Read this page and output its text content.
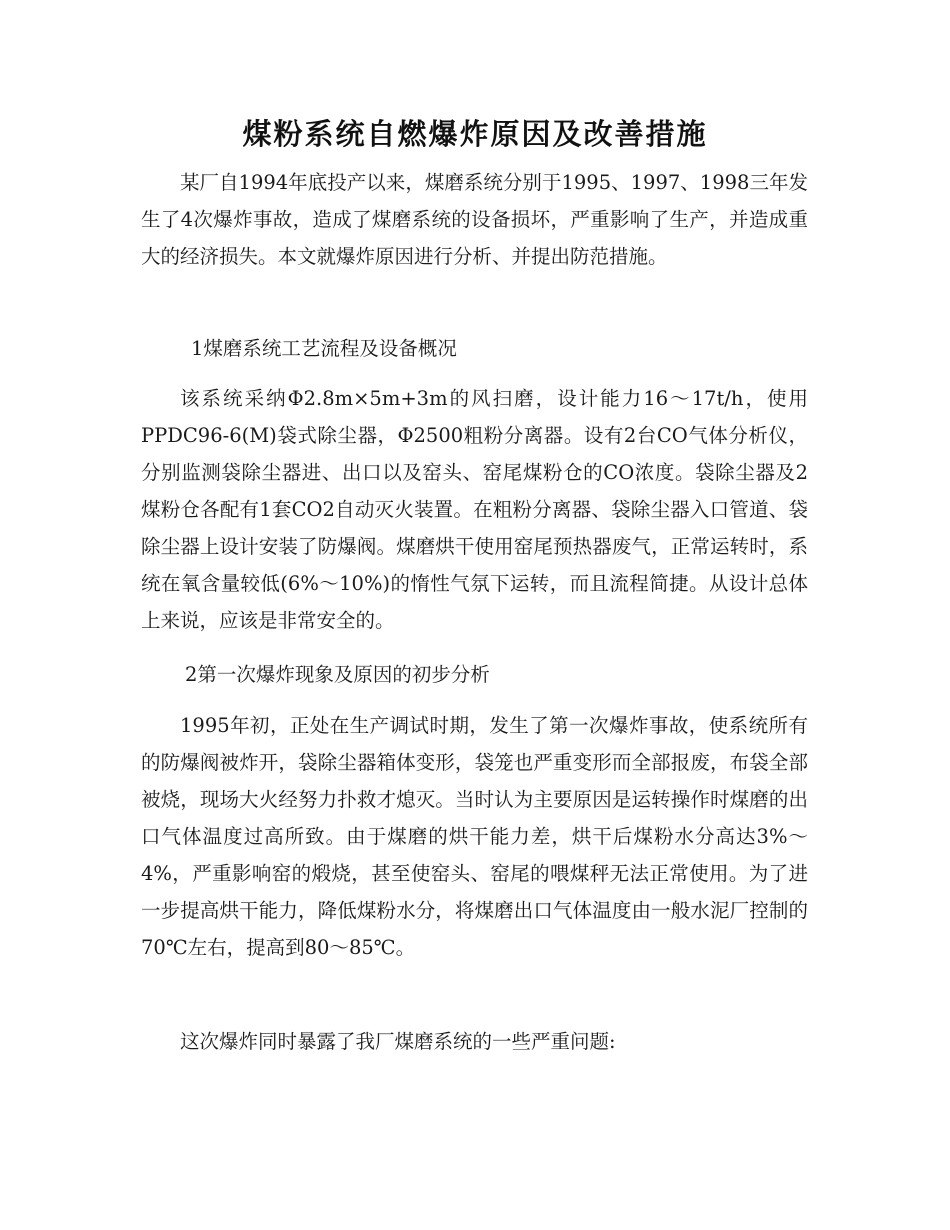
煤粉系统自燃爆炸原因及改善措施

某厂自1994年底投产以来，煤磨系统分别于1995、1997、1998三年发生了4次爆炸事故，造成了煤磨系统的设备损坏，严重影响了生产，并造成重大的经济损失。本文就爆炸原因进行分析、并提出防范措施。

1煤磨系统工艺流程及设备概况

该系统采纳Φ2.8m×5m+3m的风扫磨，设计能力16～17t/h，使用PPDC96-6(M)袋式除尘器，Φ2500粗粉分离器。设有2台CO气体分析仪，分别监测袋除尘器进、出口以及窑头、窑尾煤粉仓的CO浓度。袋除尘器及2煤粉仓各配有1套CO2自动灭火装置。在粗粉分离器、袋除尘器入口管道、袋除尘器上设计安装了防爆阀。煤磨烘干使用窑尾预热器废气，正常运转时，系统在氧含量较低(6%～10%)的惰性气氛下运转，而且流程简捷。从设计总体上来说，应该是非常安全的。

2第一次爆炸现象及原因的初步分析

1995年初，正处在生产调试时期，发生了第一次爆炸事故，使系统所有的防爆阀被炸开，袋除尘器箱体变形，袋笼也严重变形而全部报废，布袋全部被烧，现场大火经努力扑救才熄灭。当时认为主要原因是运转操作时煤磨的出口气体温度过高所致。由于煤磨的烘干能力差，烘干后煤粉水分高达3%～4%，严重影响窑的煅烧，甚至使窑头、窑尾的喂煤秤无法正常使用。为了进一步提高烘干能力，降低煤粉水分，将煤磨出口气体温度由一般水泥厂控制的70℃左右，提高到80～85℃。

这次爆炸同时暴露了我厂煤磨系统的一些严重问题:
